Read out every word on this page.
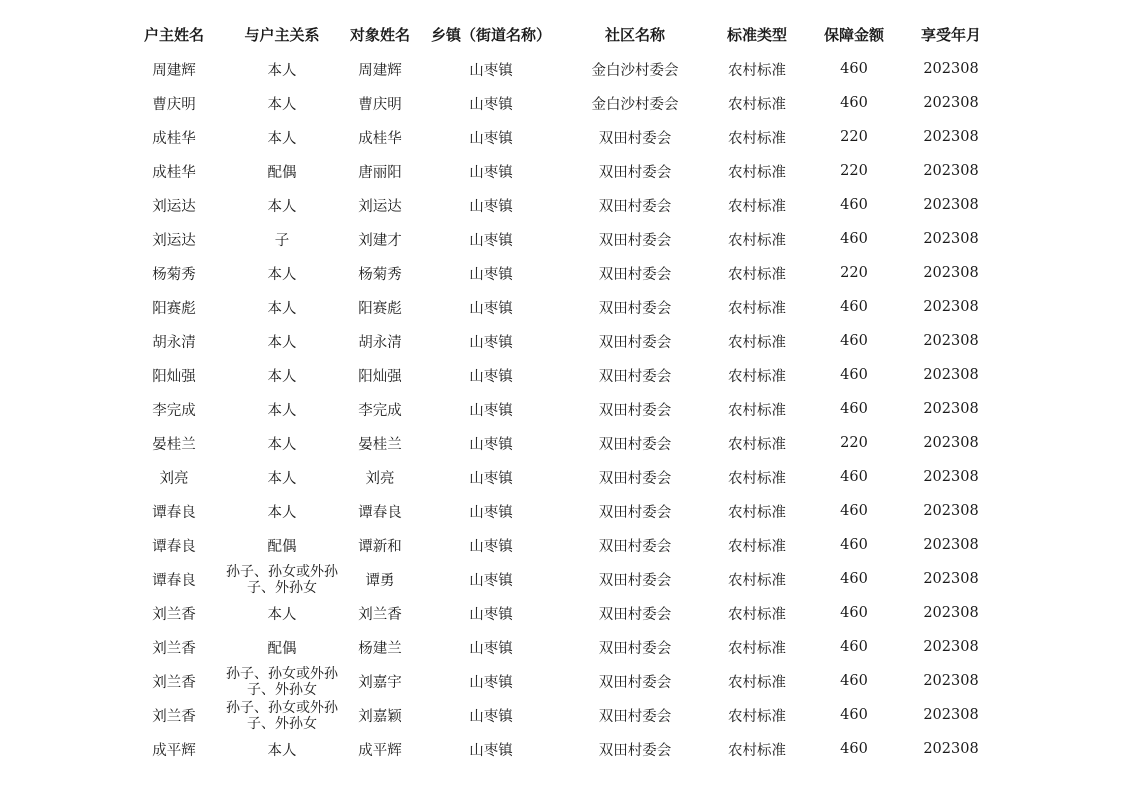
户主姓名	与户主关系	对象姓名	乡镇（街道名称）	社区名称	标准类型	保障金额	享受年月
周建辉	本人	周建辉	山枣镇	金白沙村委会	农村标准	460	202308
曹庆明	本人	曹庆明	山枣镇	金白沙村委会	农村标准	460	202308
成桂华	本人	成桂华	山枣镇	双田村委会	农村标准	220	202308
成桂华	配偶	唐丽阳	山枣镇	双田村委会	农村标准	220	202308
刘运达	本人	刘运达	山枣镇	双田村委会	农村标准	460	202308
刘运达	子	刘建才	山枣镇	双田村委会	农村标准	460	202308
杨菊秀	本人	杨菊秀	山枣镇	双田村委会	农村标准	220	202308
阳赛彪	本人	阳赛彪	山枣镇	双田村委会	农村标准	460	202308
胡永清	本人	胡永清	山枣镇	双田村委会	农村标准	460	202308
阳灿强	本人	阳灿强	山枣镇	双田村委会	农村标准	460	202308
李完成	本人	李完成	山枣镇	双田村委会	农村标准	460	202308
晏桂兰	本人	晏桂兰	山枣镇	双田村委会	农村标准	220	202308
刘亮	本人	刘亮	山枣镇	双田村委会	农村标准	460	202308
谭春良	本人	谭春良	山枣镇	双田村委会	农村标准	460	202308
谭春良	配偶	谭新和	山枣镇	双田村委会	农村标准	460	202308
谭春良	孙子、孙女或外孙子、外孙女	谭勇	山枣镇	双田村委会	农村标准	460	202308
刘兰香	本人	刘兰香	山枣镇	双田村委会	农村标准	460	202308
刘兰香	配偶	杨建兰	山枣镇	双田村委会	农村标准	460	202308
刘兰香	孙子、孙女或外孙子、外孙女	刘嘉宇	山枣镇	双田村委会	农村标准	460	202308
刘兰香	孙子、孙女或外孙子、外孙女	刘嘉颖	山枣镇	双田村委会	农村标准	460	202308
成平辉	本人	成平辉	山枣镇	双田村委会	农村标准	460	202308
